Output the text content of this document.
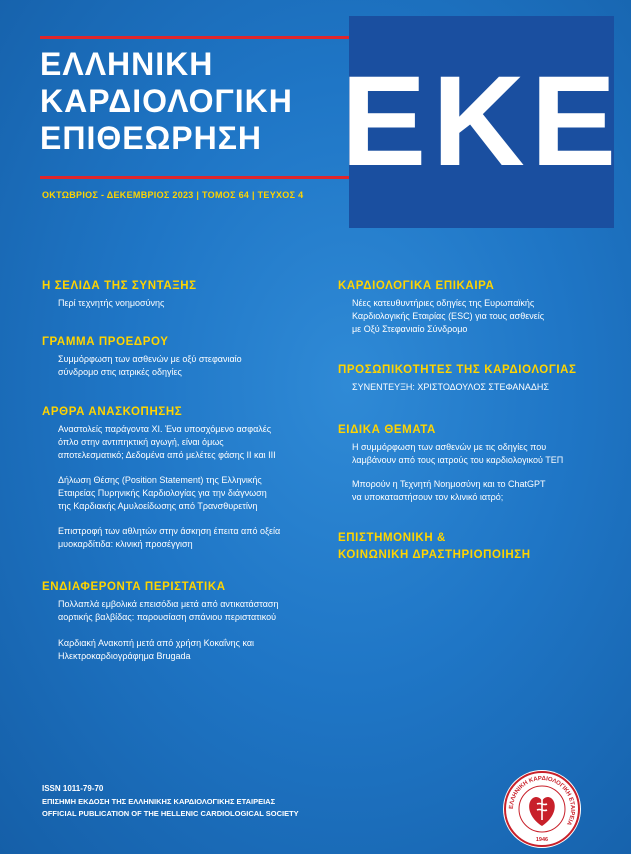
ΕΚΕ
ΕΛΛΗΝΙΚΗ
ΚΑΡΔΙΟΛΟΓΙΚΗ
ΕΠΙΘΕΩΡΗΣΗ
ΟΚΤΩΒΡΙΟΣ - ΔΕΚΕΜΒΡΙΟΣ 2023 | ΤΟΜΟΣ 64 | ΤΕΥΧΟΣ 4
Η ΣΕΛΙΔΑ ΤΗΣ ΣΥΝΤΑΞΗΣ
Περί τεχνητής νοημοσύνης
ΓΡΑΜΜΑ ΠΡΟΕΔΡΟΥ
Συμμόρφωση των ασθενών με οξύ στεφανιαίο
σύνδρομο στις ιατρικές οδηγίες
ΑΡΘΡΑ ΑΝΑΣΚΟΠΗΣΗΣ
Αναστολείς παράγοντα XI. Ένα υποσχόμενο ασφαλές
όπλο στην αντιπηκτική αγωγή, είναι όμως
αποτελεσματικό; Δεδομένα από μελέτες φάσης II και III
Δήλωση Θέσης (Position Statement) της Ελληνικής
Εταιρείας Πυρηνικής Καρδιολογίας για την διάγνωση
της Καρδιακής Αμυλοείδωσης από Τρανσθυρετίνη
Επιστροφή των αθλητών στην άσκηση έπειτα από οξεία
μυοκαρδίτιδα: κλινική προσέγγιση
ΕΝΔΙΑΦΕΡΟΝΤΑ ΠΕΡΙΣΤΑΤΙΚΑ
Πολλαπλά εμβολικά επεισόδια μετά από αντικατάσταση
αορτικής βαλβίδας: παρουσίαση σπάνιου περιστατικού
Καρδιακή Ανακοπή μετά από χρήση Κοκαΐνης και
Ηλεκτροκαρδιογράφημα Brugada
ΚΑΡΔΙΟΛΟΓΙΚΑ ΕΠΙΚΑΙΡΑ
Νέες κατευθυντήριες οδηγίες της Ευρωπαϊκής
Καρδιολογικής Εταιρίας (ESC) για τους ασθενείς
με Οξύ Στεφανιαίο Σύνδρομο
ΠΡΟΣΩΠΙΚΟΤΗΤΕΣ ΤΗΣ ΚΑΡΔΙΟΛΟΓΙΑΣ
ΣΥΝΕΝΤΕΥΞΗ: ΧΡΙΣΤΟΔΟΥΛΟΣ ΣΤΕΦΑΝΑΔΗΣ
ΕΙΔΙΚΑ ΘΕΜΑΤΑ
Η συμμόρφωση των ασθενών με τις οδηγίες που
λαμβάνουν από τους ιατρούς του καρδιολογικού ΤΕΠ
Μπορούν η Τεχνητή Νοημοσύνη και το ChatGPT
να υποκαταστήσουν τον κλινικό ιατρό;
ΕΠΙΣΤΗΜΟΝΙΚΗ &
ΚΟΙΝΩΝΙΚΗ ΔΡΑΣΤΗΡΙΟΠΟΙΗΣΗ
ISSN 1011-79-70
ΕΠΙΣΗΜΗ ΕΚΔΟΣΗ ΤΗΣ ΕΛΛΗΝΙΚΗΣ ΚΑΡΔΙΟΛΟΓΙΚΗΣ ΕΤΑΙΡΕΙΑΣ
OFFICIAL PUBLICATION OF THE HELLENIC CARDIOLOGICAL SOCIETY
ΕΛΛΗΝΙΚΗ ΚΑΡΔΙΟΛΟΓΙΚΗ ΕΤΑΙΡΕΙΑ
1946
